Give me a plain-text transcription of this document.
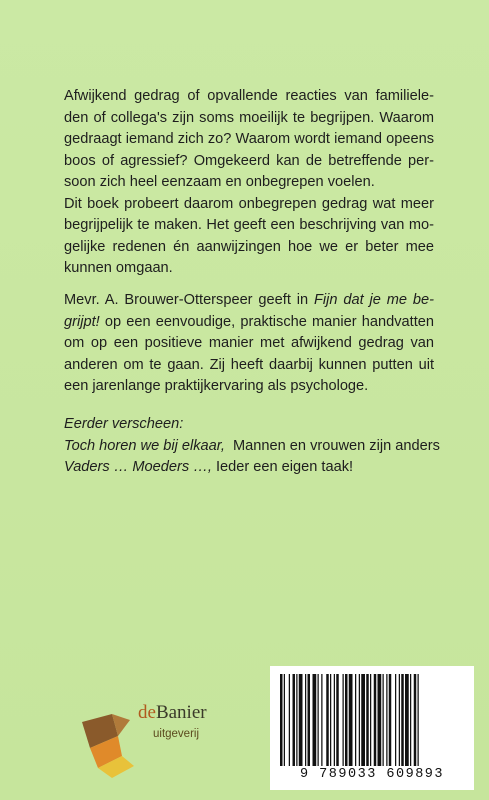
Afwijkend gedrag of opvallende reacties van familiele-
den of collega's zijn soms moeilijk te begrijpen. Waarom
gedraagt iemand zich zo? Waarom wordt iemand opeens
boos of agressief? Omgekeerd kan de betreffende per-
soon zich heel eenzaam en onbegrepen voelen.
Dit boek probeert daarom onbegrepen gedrag wat meer
begrijpelijk te maken. Het geeft een beschrijving van mo-
gelijke redenen én aanwijzingen hoe we er beter mee
kunnen omgaan.
Mevr. A. Brouwer-Otterspeer geeft in Fijn dat je me be-
grijpt! op een eenvoudige, praktische manier handvatten
om op een positieve manier met afwijkend gedrag van
anderen om te gaan. Zij heeft daarbij kunnen putten uit
een jarenlange praktijkervaring als psychologe.
Eerder verscheen:
Toch horen we bij elkaar, Mannen en vrouwen zijn anders
Vaders … Moeders …, Ieder een eigen taak!
deBanier
uitgeverij
9 789033 609893
